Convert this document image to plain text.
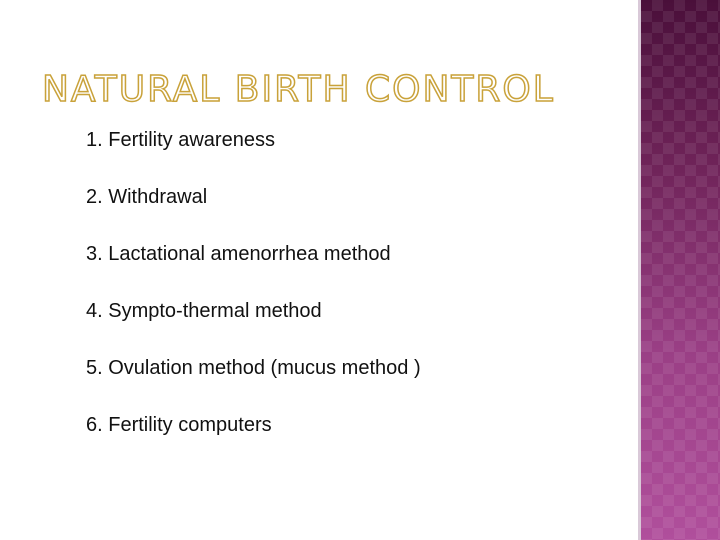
NATURAL BIRTH CONTROL
1. Fertility awareness
2. Withdrawal
3. Lactational amenorrhea method
4. Sympto-thermal method
5. Ovulation method (mucus method )
6. Fertility computers
